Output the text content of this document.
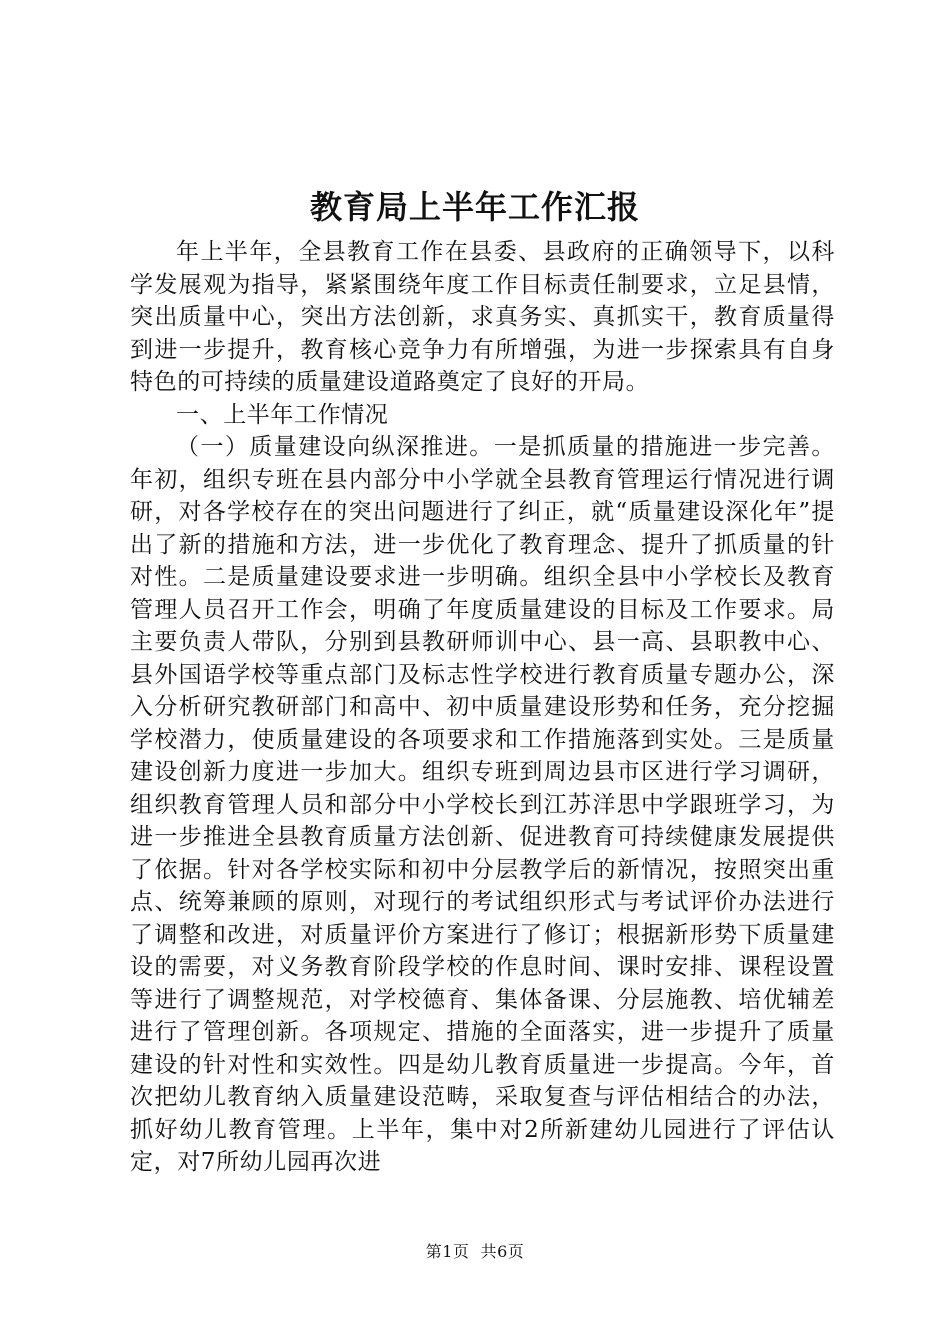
教育局上半年工作汇报

年上半年，全县教育工作在县委、县政府的正确领导下，以科学发展观为指导，紧紧围绕年度工作目标责任制要求，立足县情，突出质量中心，突出方法创新，求真务实、真抓实干，教育质量得到进一步提升，教育核心竞争力有所增强，为进一步探索具有自身特色的可持续的质量建设道路奠定了良好的开局。

一、上半年工作情况

（一）质量建设向纵深推进。一是抓质量的措施进一步完善。年初，组织专班在县内部分中小学就全县教育管理运行情况进行调研，对各学校存在的突出问题进行了纠正，就“质量建设深化年”提出了新的措施和方法，进一步优化了教育理念、提升了抓质量的针对性。二是质量建设要求进一步明确。组织全县中小学校长及教育管理人员召开工作会，明确了年度质量建设的目标及工作要求。局主要负责人带队，分别到县教研师训中心、县一高、县职教中心、县外国语学校等重点部门及标志性学校进行教育质量专题办公，深入分析研究教研部门和高中、初中质量建设形势和任务，充分挖掘学校潜力，使质量建设的各项要求和工作措施落到实处。三是质量建设创新力度进一步加大。组织专班到周边县市区进行学习调研，组织教育管理人员和部分中小学校长到江苏洋思中学跟班学习，为进一步推进全县教育质量方法创新、促进教育可持续健康发展提供了依据。针对各学校实际和初中分层教学后的新情况，按照突出重点、统筹兼顾的原则，对现行的考试组织形式与考试评价办法进行了调整和改进，对质量评价方案进行了修订；根据新形势下质量建设的需要，对义务教育阶段学校的作息时间、课时安排、课程设置等进行了调整规范，对学校德育、集体备课、分层施教、培优辅差进行了管理创新。各项规定、措施的全面落实，进一步提升了质量建设的针对性和实效性。四是幼儿教育质量进一步提高。今年，首次把幼儿教育纳入质量建设范畴，采取复查与评估相结合的办法，抓好幼儿教育管理。上半年，集中对2所新建幼儿园进行了评估认定，对7所幼儿园再次进

第1页 共6页
